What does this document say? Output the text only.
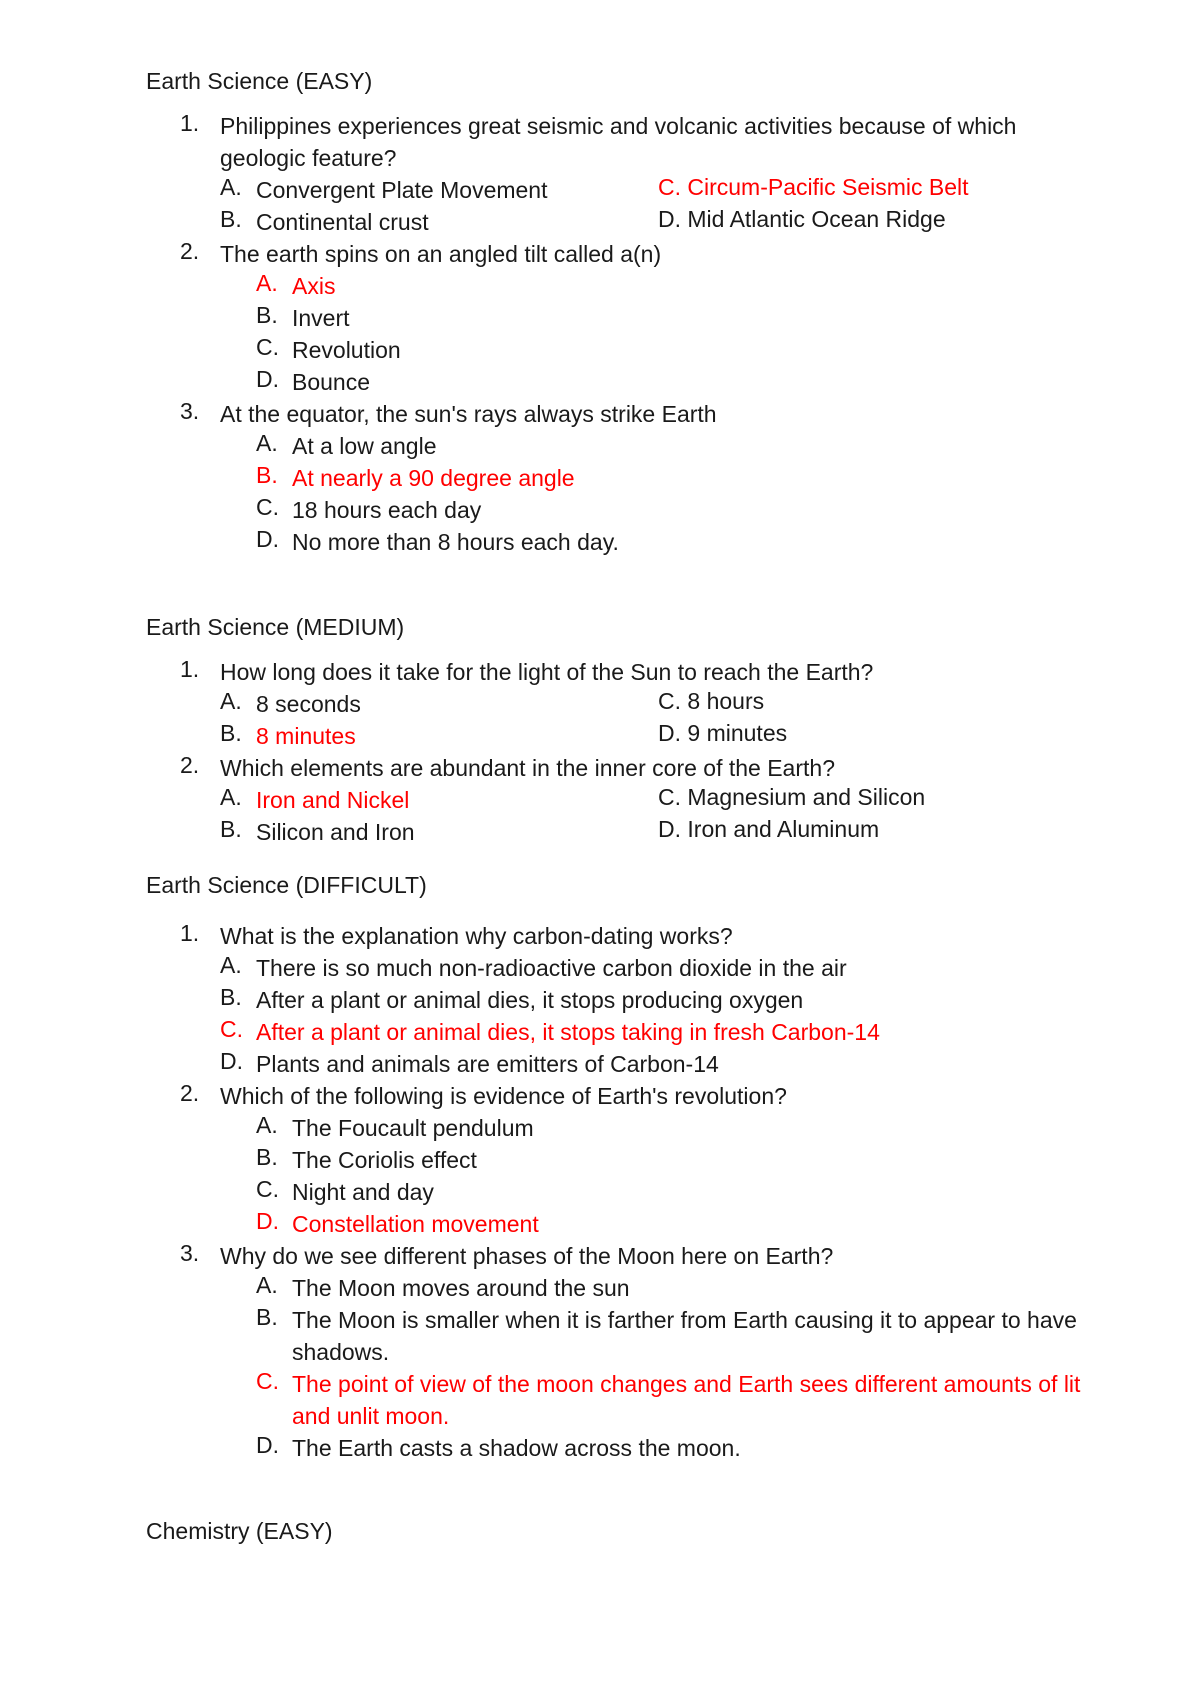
Earth Science (EASY)
1. Philippines experiences great seismic and volcanic activities because of which geologic feature?
A. Convergent Plate Movement	C. Circum-Pacific Seismic Belt
B. Continental crust	D. Mid Atlantic Ocean Ridge
2. The earth spins on an angled tilt called a(n)
A. Axis
B. Invert
C. Revolution
D. Bounce
3. At the equator, the sun's rays always strike Earth
A. At a low angle
B. At nearly a 90 degree angle
C. 18 hours each day
D. No more than 8 hours each day.
Earth Science (MEDIUM)
1. How long does it take for the light of the Sun to reach the Earth?
A. 8 seconds	C. 8 hours
B. 8 minutes	D. 9 minutes
2. Which elements are abundant in the inner core of the Earth?
A. Iron and Nickel	C. Magnesium and Silicon
B. Silicon and Iron	D. Iron and Aluminum
Earth Science (DIFFICULT)
1. What is the explanation why carbon-dating works?
A. There is so much non-radioactive carbon dioxide in the air
B. After a plant or animal dies, it stops producing oxygen
C. After a plant or animal dies, it stops taking in fresh Carbon-14
D. Plants and animals are emitters of Carbon-14
2. Which of the following is evidence of Earth's revolution?
A. The Foucault pendulum
B. The Coriolis effect
C. Night and day
D. Constellation movement
3. Why do we see different phases of the Moon here on Earth?
A. The Moon moves around the sun
B. The Moon is smaller when it is farther from Earth causing it to appear to have shadows.
C. The point of view of the moon changes and Earth sees different amounts of lit and unlit moon.
D. The Earth casts a shadow across the moon.
Chemistry (EASY)
